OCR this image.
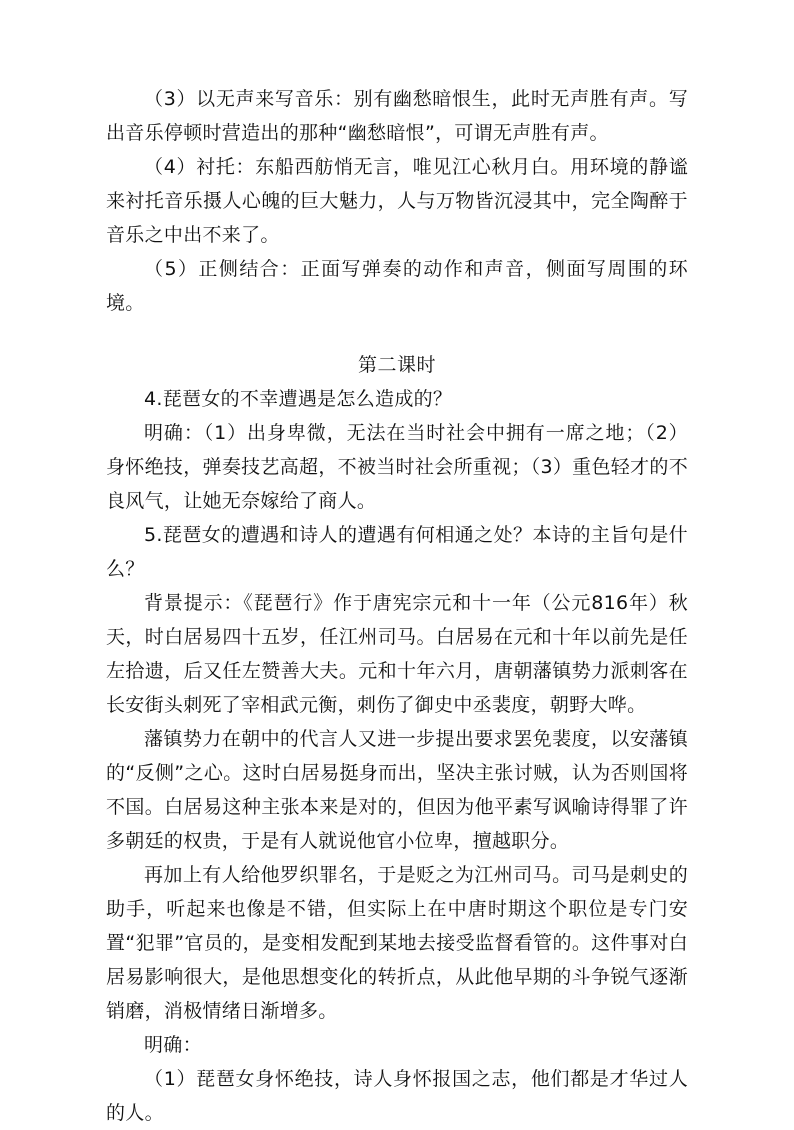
（3）以无声来写音乐：别有幽愁暗恨生，此时无声胜有声。写出音乐停顿时营造出的那种“幽愁暗恨”，可谓无声胜有声。

（4）衬托：东船西舫悄无言，唯见江心秋月白。用环境的静谧来衬托音乐摄人心魄的巨大魅力，人与万物皆沉浸其中，完全陶醉于音乐之中出不来了。

（5）正侧结合：正面写弹奏的动作和声音，侧面写周围的环境。

第二课时

4.琵琶女的不幸遭遇是怎么造成的？

明确：（1）出身卑微，无法在当时社会中拥有一席之地；（2）身怀绝技，弹奏技艺高超，不被当时社会所重视；（3）重色轻才的不良风气，让她无奈嫁给了商人。

5.琵琶女的遭遇和诗人的遭遇有何相通之处？本诗的主旨句是什么？

背景提示：《琵琶行》作于唐宪宗元和十一年（公元816年）秋天，时白居易四十五岁，任江州司马。白居易在元和十年以前先是任左拾遗，后又任左赞善大夫。元和十年六月，唐朝藩镇势力派刺客在长安街头刺死了宰相武元衡，刺伤了御史中丞裴度，朝野大哗。

藩镇势力在朝中的代言人又进一步提出要求罢免裴度，以安藩镇的“反侧”之心。这时白居易挺身而出，坚决主张讨贼，认为否则国将不国。白居易这种主张本来是对的，但因为他平素写讽喻诗得罪了许多朝廷的权贵，于是有人就说他官小位卑，擅越职分。

再加上有人给他罗织罪名，于是贬之为江州司马。司马是刺史的助手，听起来也像是不错，但实际上在中唐时期这个职位是专门安置“犯罪”官员的，是变相发配到某地去接受监督看管的。这件事对白居易影响很大，是他思想变化的转折点，从此他早期的斗争锐气逐渐销磨，消极情绪日渐增多。

明确：

（1）琵琶女身怀绝技，诗人身怀报国之志，他们都是才华过人的人。
